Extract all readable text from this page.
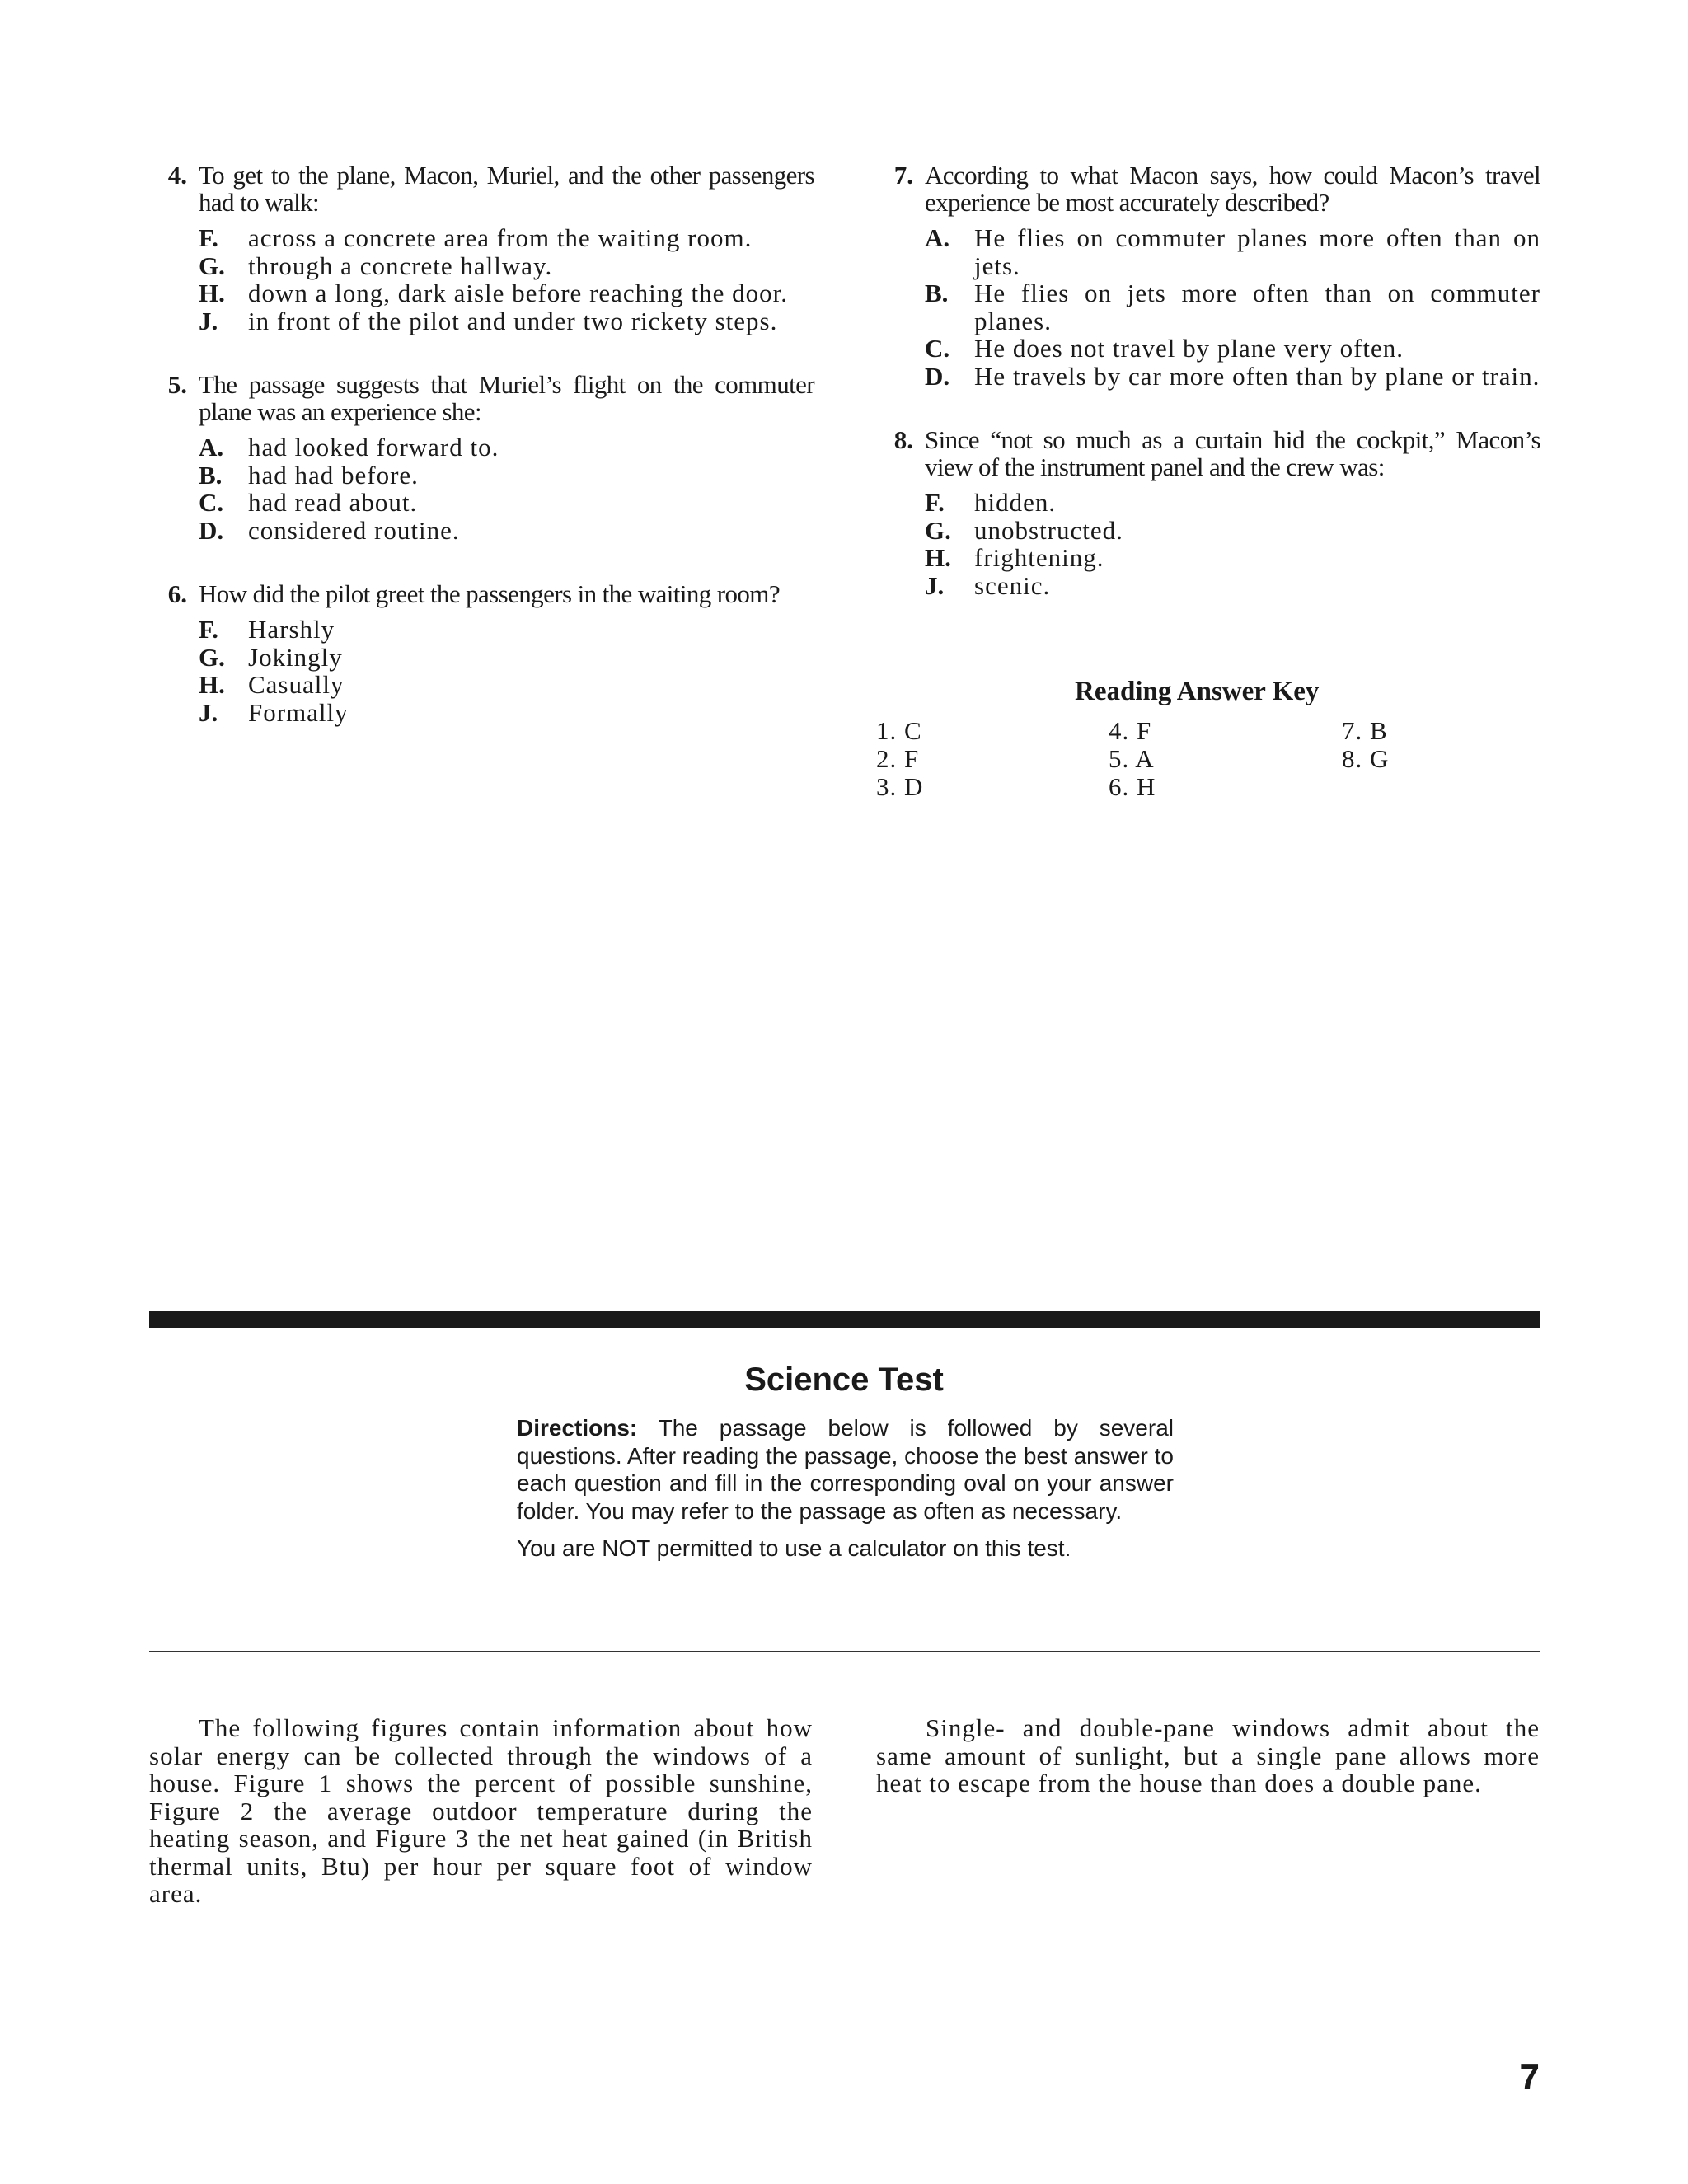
4. To get to the plane, Macon, Muriel, and the other passengers had to walk:
F.	across a concrete area from the waiting room.
G. through a concrete hallway.
H. down a long, dark aisle before reaching the door.
J.	in front of the pilot and under two rickety steps.
5. The passage suggests that Muriel’s flight on the commuter plane was an experience she:
A. had looked forward to.
B.	had had before.
C. had read about.
D. considered routine.
6. How did the pilot greet the passengers in the waiting room?
F.	Harshly
G. Jokingly
H. Casually
J.	Formally
7. According to what Macon says, how could Macon’s travel experience be most accurately described?
A. He flies on commuter planes more often than on jets.
B.	He flies on jets more often than on commuter planes.
C. He does not travel by plane very often.
D. He travels by car more often than by plane or train.
8. Since “not so much as a curtain hid the cockpit,” Macon’s view of the instrument panel and the crew was:
F.	hidden.
G. unobstructed.
H. frightening.
J.	scenic.
Reading Answer Key
1. C
2. F
3. D
4. F
5. A
6. H
7. B
8. G
Science Test

Directions: The passage below is followed by several questions. After reading the passage, choose the best answer to each question and fill in the corresponding oval on your answer folder. You may refer to the passage as often as necessary.

You are NOT permitted to use a calculator on this test.

The following figures contain information about how solar energy can be collected through the windows of a house. Figure 1 shows the percent of possible sunshine, Figure 2 the average outdoor temperature during the heating season, and Figure 3 the net heat gained (in British thermal units, Btu) per hour per square foot of window area.
Single- and double-pane windows admit about the same amount of sunlight, but a single pane allows more heat to escape from the house than does a double pane.
7
